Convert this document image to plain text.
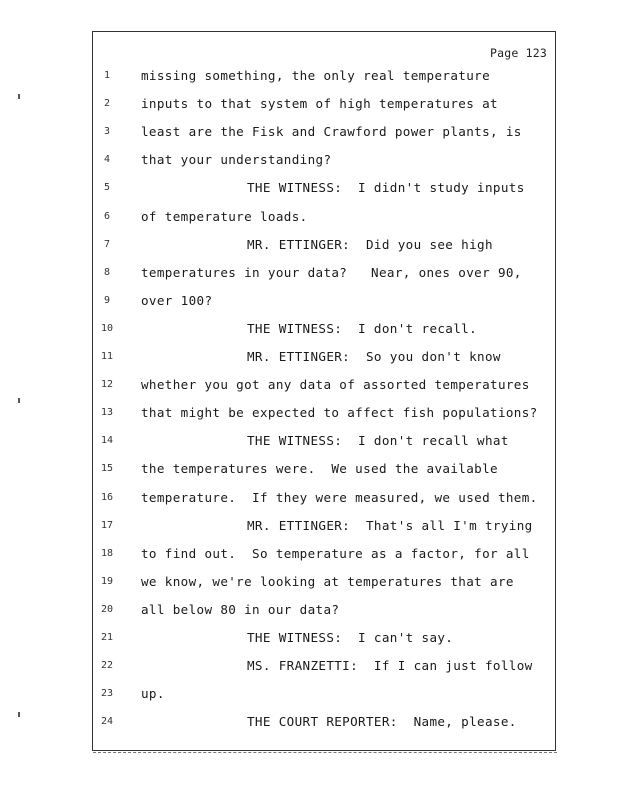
Page 123
1	missing something, the only real temperature
2	inputs to that system of high temperatures at
3	least are the Fisk and Crawford power plants, is
4	that your understanding?
5	THE WITNESS:  I didn't study inputs
6	of temperature loads.
7	MR. ETTINGER:  Did you see high
8	temperatures in your data?   Near, ones over 90,
9	over 100?
10	THE WITNESS:  I don't recall.
11	MR. ETTINGER:  So you don't know
12	whether you got any data of assorted temperatures
13	that might be expected to affect fish populations?
14	THE WITNESS:  I don't recall what
15	the temperatures were.  We used the available
16	temperature.  If they were measured, we used them.
17	MR. ETTINGER:  That's all I'm trying
18	to find out.  So temperature as a factor, for all
19	we know, we're looking at temperatures that are
20	all below 80 in our data?
21	THE WITNESS:  I can't say.
22	MS. FRANZETTI:  If I can just follow
23	up.
24	THE COURT REPORTER:  Name, please.
